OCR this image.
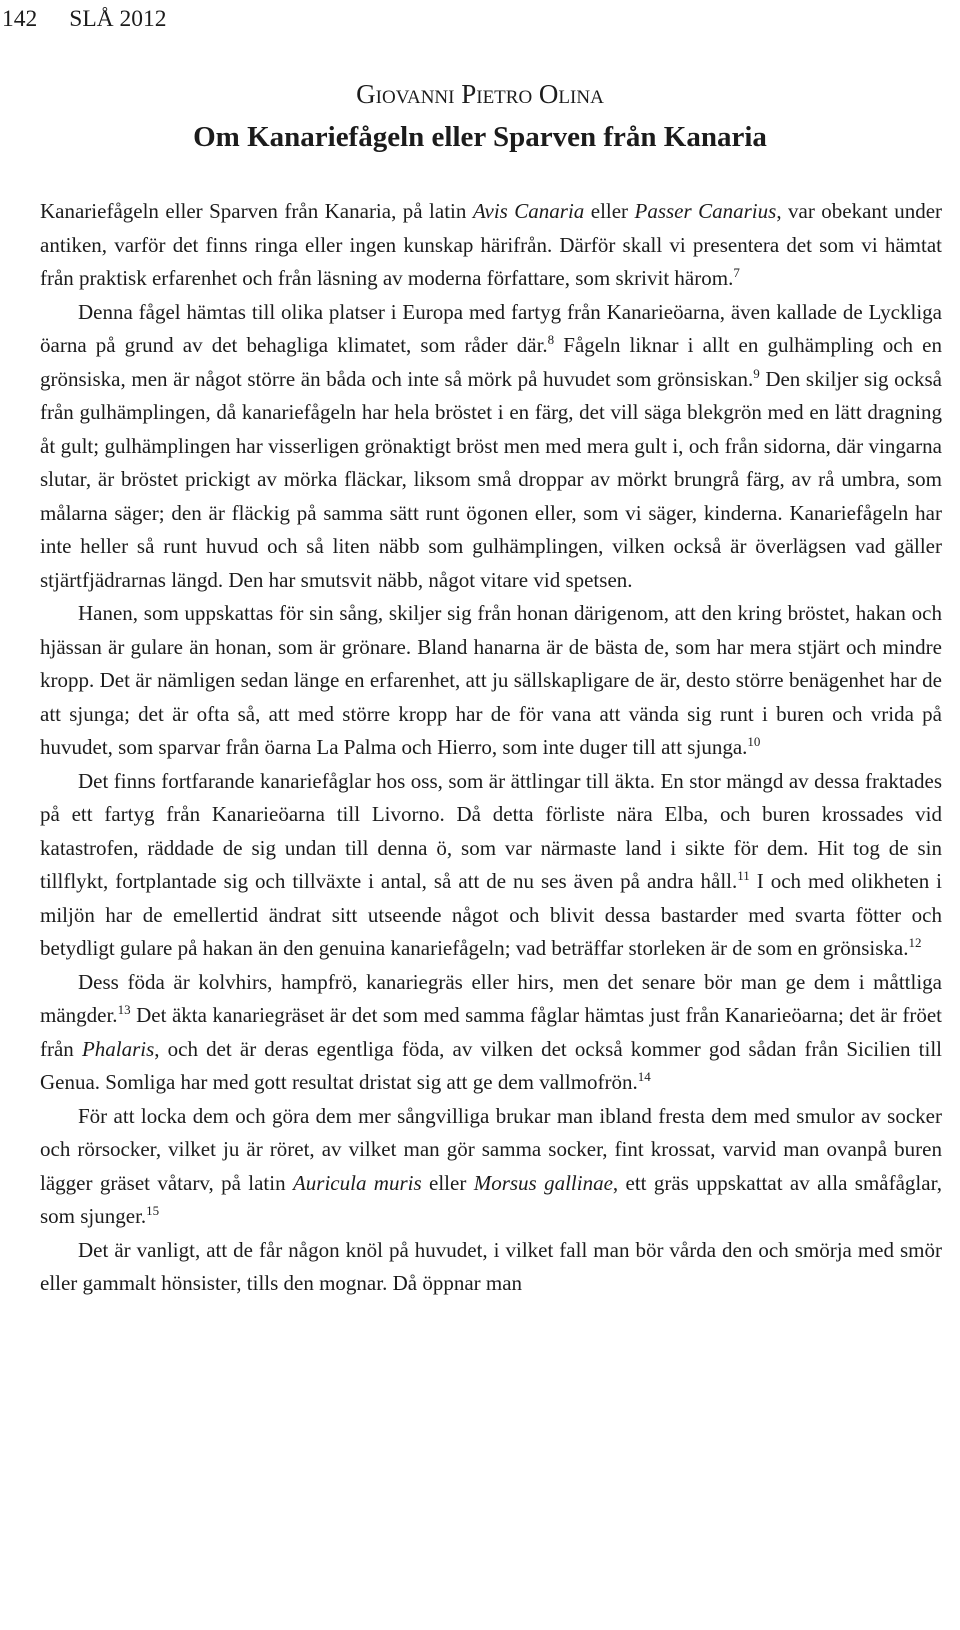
142 SLÅ 2012
Giovanni Pietro Olina
Om Kanariefågeln eller Sparven från Kanaria

Kanariefågeln eller Sparven från Kanaria, på latin Avis Canaria eller Passer Canarius, var obekant under antiken, varför det finns ringa eller ingen kunskap härifrån. Därför skall vi presentera det som vi hämtat från praktisk erfarenhet och från läsning av moderna författare, som skrivit härom.$^7$

Denna fågel hämtas till olika platser i Europa med fartyg från Kanarieöarna, även kallade de Lyckliga öarna på grund av det behagliga klimatet, som råder där.$^8$ Fågeln liknar i allt en gulhämpling och en grönsiska, men är något större än båda och inte så mörk på huvudet som grönsiskan.$^9$ Den skiljer sig också från gulhämplingen, då kanariefågeln har hela bröstet i en färg, det vill säga blekgrön med en lätt dragning åt gult; gulhämplingen har visserligen grönaktigt bröst men med mera gult i, och från sidorna, där vingarna slutar, är bröstet prickigt av mörka fläckar, liksom små droppar av mörkt brungrå färg, av rå umbra, som målarna säger; den är fläckig på samma sätt runt ögonen eller, som vi säger, kinderna. Kanariefågeln har inte heller så runt huvud och så liten näbb som gulhämplingen, vilken också är överlägsen vad gäller stjärtfjädrarnas längd. Den har smutsvit näbb, något vitare vid spetsen.

Hanen, som uppskattas för sin sång, skiljer sig från honan därigenom, att den kring bröstet, hakan och hjässan är gulare än honan, som är grönare. Bland hanarna är de bästa de, som har mera stjärt och mindre kropp. Det är nämligen sedan länge en erfarenhet, att ju sällskapligare de är, desto större benägenhet har de att sjunga; det är ofta så, att med större kropp har de för vana att vända sig runt i buren och vrida på huvudet, som sparvar från öarna La Palma och Hierro, som inte duger till att sjunga.$^{10}$

Det finns fortfarande kanariefåglar hos oss, som är ättlingar till äkta. En stor mängd av dessa fraktades på ett fartyg från Kanarieöarna till Livorno. Då detta förliste nära Elba, och buren krossades vid katastrofen, räddade de sig undan till denna ö, som var närmaste land i sikte för dem. Hit tog de sin tillflykt, fortplantade sig och tillväxte i antal, så att de nu ses även på andra håll.$^{11}$ I och med olikheten i miljön har de emellertid ändrat sitt utseende något och blivit dessa bastarder med svarta fötter och betydligt gulare på hakan än den genuina kanariefågeln; vad beträffar storleken är de som en grönsiska.$^{12}$

Dess föda är kolvhirs, hampfrö, kanariegräs eller hirs, men det senare bör man ge dem i måttliga mängder.$^{13}$ Det äkta kanariegräset är det som med samma fåglar hämtas just från Kanarieöarna; det är fröet från Phalaris, och det är deras egentliga föda, av vilken det också kommer god sådan från Sicilien till Genua. Somliga har med gott resultat dristat sig att ge dem vallmofrön.$^{14}$

För att locka dem och göra dem mer sångvilliga brukar man ibland fresta dem med smulor av socker och rörsocker, vilket ju är röret, av vilket man gör samma socker, fint krossat, varvid man ovanpå buren lägger gräset våtarv, på latin Auricula muris eller Morsus gallinae, ett gräs uppskattat av alla småfåglar, som sjunger.$^{15}$

Det är vanligt, att de får någon knöl på huvudet, i vilket fall man bör vårda den och smörja med smör eller gammalt hönsister, tills den mognar. Då öppnar man
